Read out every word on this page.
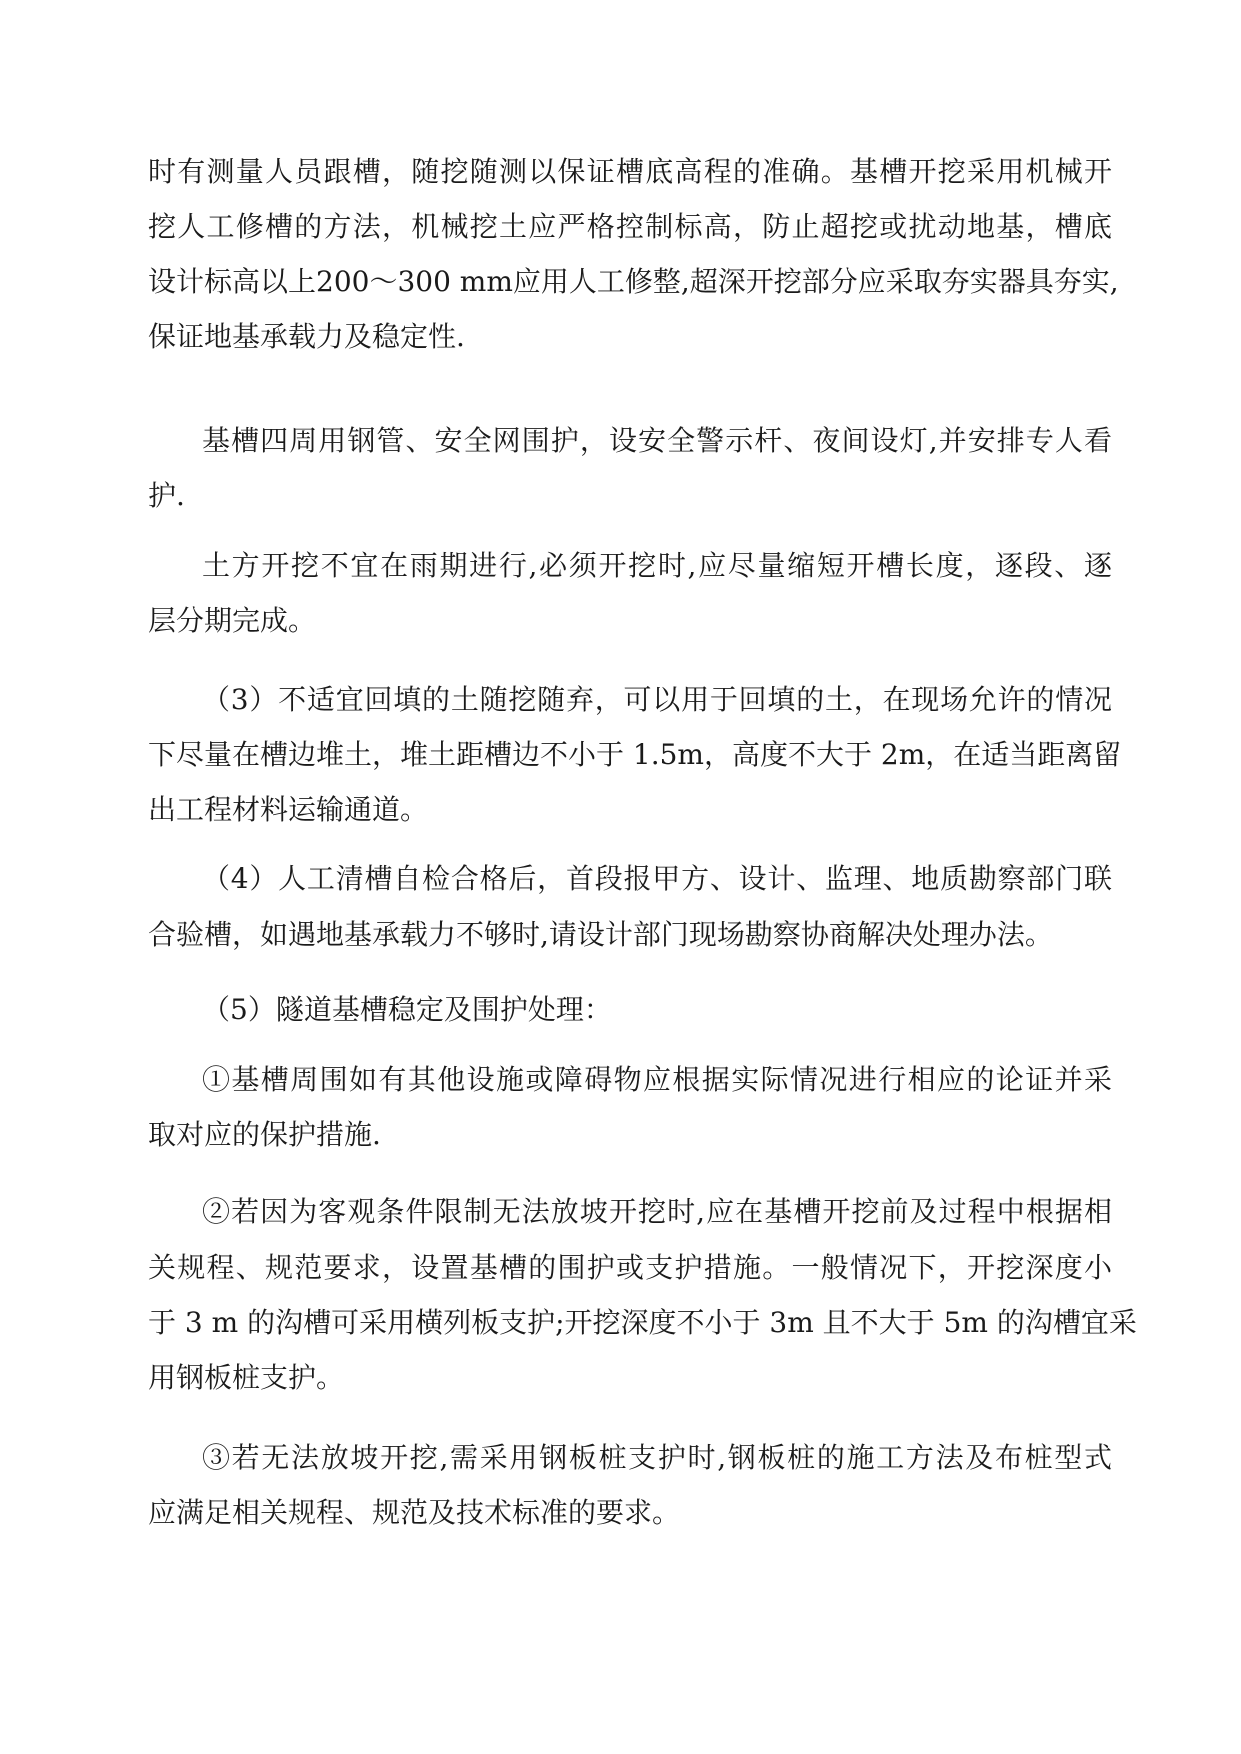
时有测量人员跟槽，随挖随测以保证槽底高程的准确。基槽开挖采用机械开
挖人工修槽的方法，机械挖土应严格控制标高，防止超挖或扰动地基，槽底
设计标高以上200～300 mm应用人工修整,超深开挖部分应采取夯实器具夯实,
保证地基承载力及稳定性.
基槽四周用钢管、安全网围护，设安全警示杆、夜间设灯,并安排专人看
护.
土方开挖不宜在雨期进行,必须开挖时,应尽量缩短开槽长度，逐段、逐
层分期完成。
（3）不适宜回填的土随挖随弃，可以用于回填的土，在现场允许的情况
下尽量在槽边堆土，堆土距槽边不小于 1.5m，高度不大于 2m，在适当距离留
出工程材料运输通道。
（4）人工清槽自检合格后，首段报甲方、设计、监理、地质勘察部门联
合验槽，如遇地基承载力不够时,请设计部门现场勘察协商解决处理办法。
（5）隧道基槽稳定及围护处理：
①基槽周围如有其他设施或障碍物应根据实际情况进行相应的论证并采
取对应的保护措施.
②若因为客观条件限制无法放坡开挖时,应在基槽开挖前及过程中根据相
关规程、规范要求，设置基槽的围护或支护措施。一般情况下，开挖深度小
于 3 m 的沟槽可采用横列板支护;开挖深度不小于 3m 且不大于 5m 的沟槽宜采
用钢板桩支护。
③若无法放坡开挖,需采用钢板桩支护时,钢板桩的施工方法及布桩型式
应满足相关规程、规范及技术标准的要求。
